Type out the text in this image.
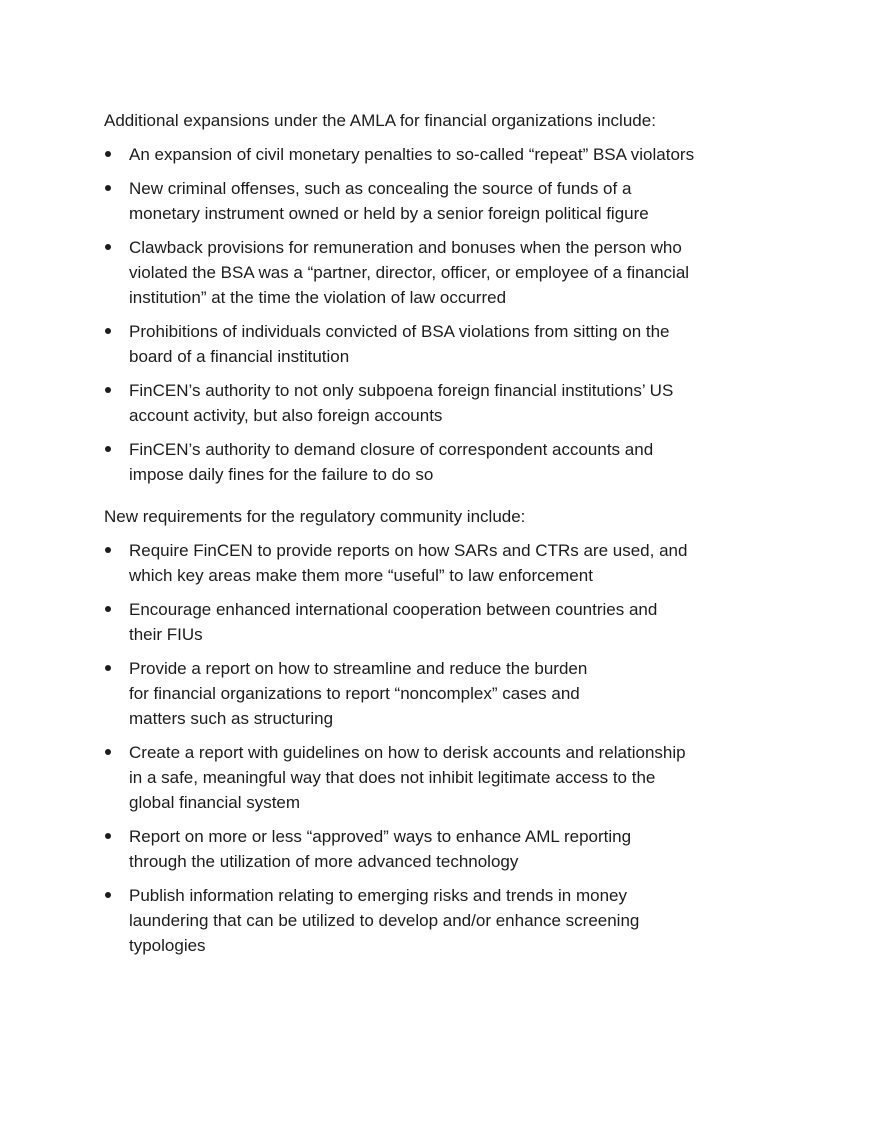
Additional expansions under the AMLA for financial organizations include:

An expansion of civil monetary penalties to so-called “repeat” BSA violators
New criminal offenses, such as concealing the source of funds of a
monetary instrument owned or held by a senior foreign political figure
Clawback provisions for remuneration and bonuses when the person who
violated the BSA was a “partner, director, officer, or employee of a financial
institution” at the time the violation of law occurred
Prohibitions of individuals convicted of BSA violations from sitting on the
board of a financial institution
FinCEN’s authority to not only subpoena foreign financial institutions’ US
account activity, but also foreign accounts
FinCEN’s authority to demand closure of correspondent accounts and
impose daily fines for the failure to do so

New requirements for the regulatory community include:

Require FinCEN to provide reports on how SARs and CTRs are used, and
which key areas make them more “useful” to law enforcement
Encourage enhanced international cooperation between countries and
their FIUs
Provide a report on how to streamline and reduce the burden
for financial organizations to report “noncomplex” cases and
matters such as structuring
Create a report with guidelines on how to derisk accounts and relationship
in a safe, meaningful way that does not inhibit legitimate access to the
global financial system
Report on more or less “approved” ways to enhance AML reporting
through the utilization of more advanced technology
Publish information relating to emerging risks and trends in money
laundering that can be utilized to develop and/or enhance screening
typologies
